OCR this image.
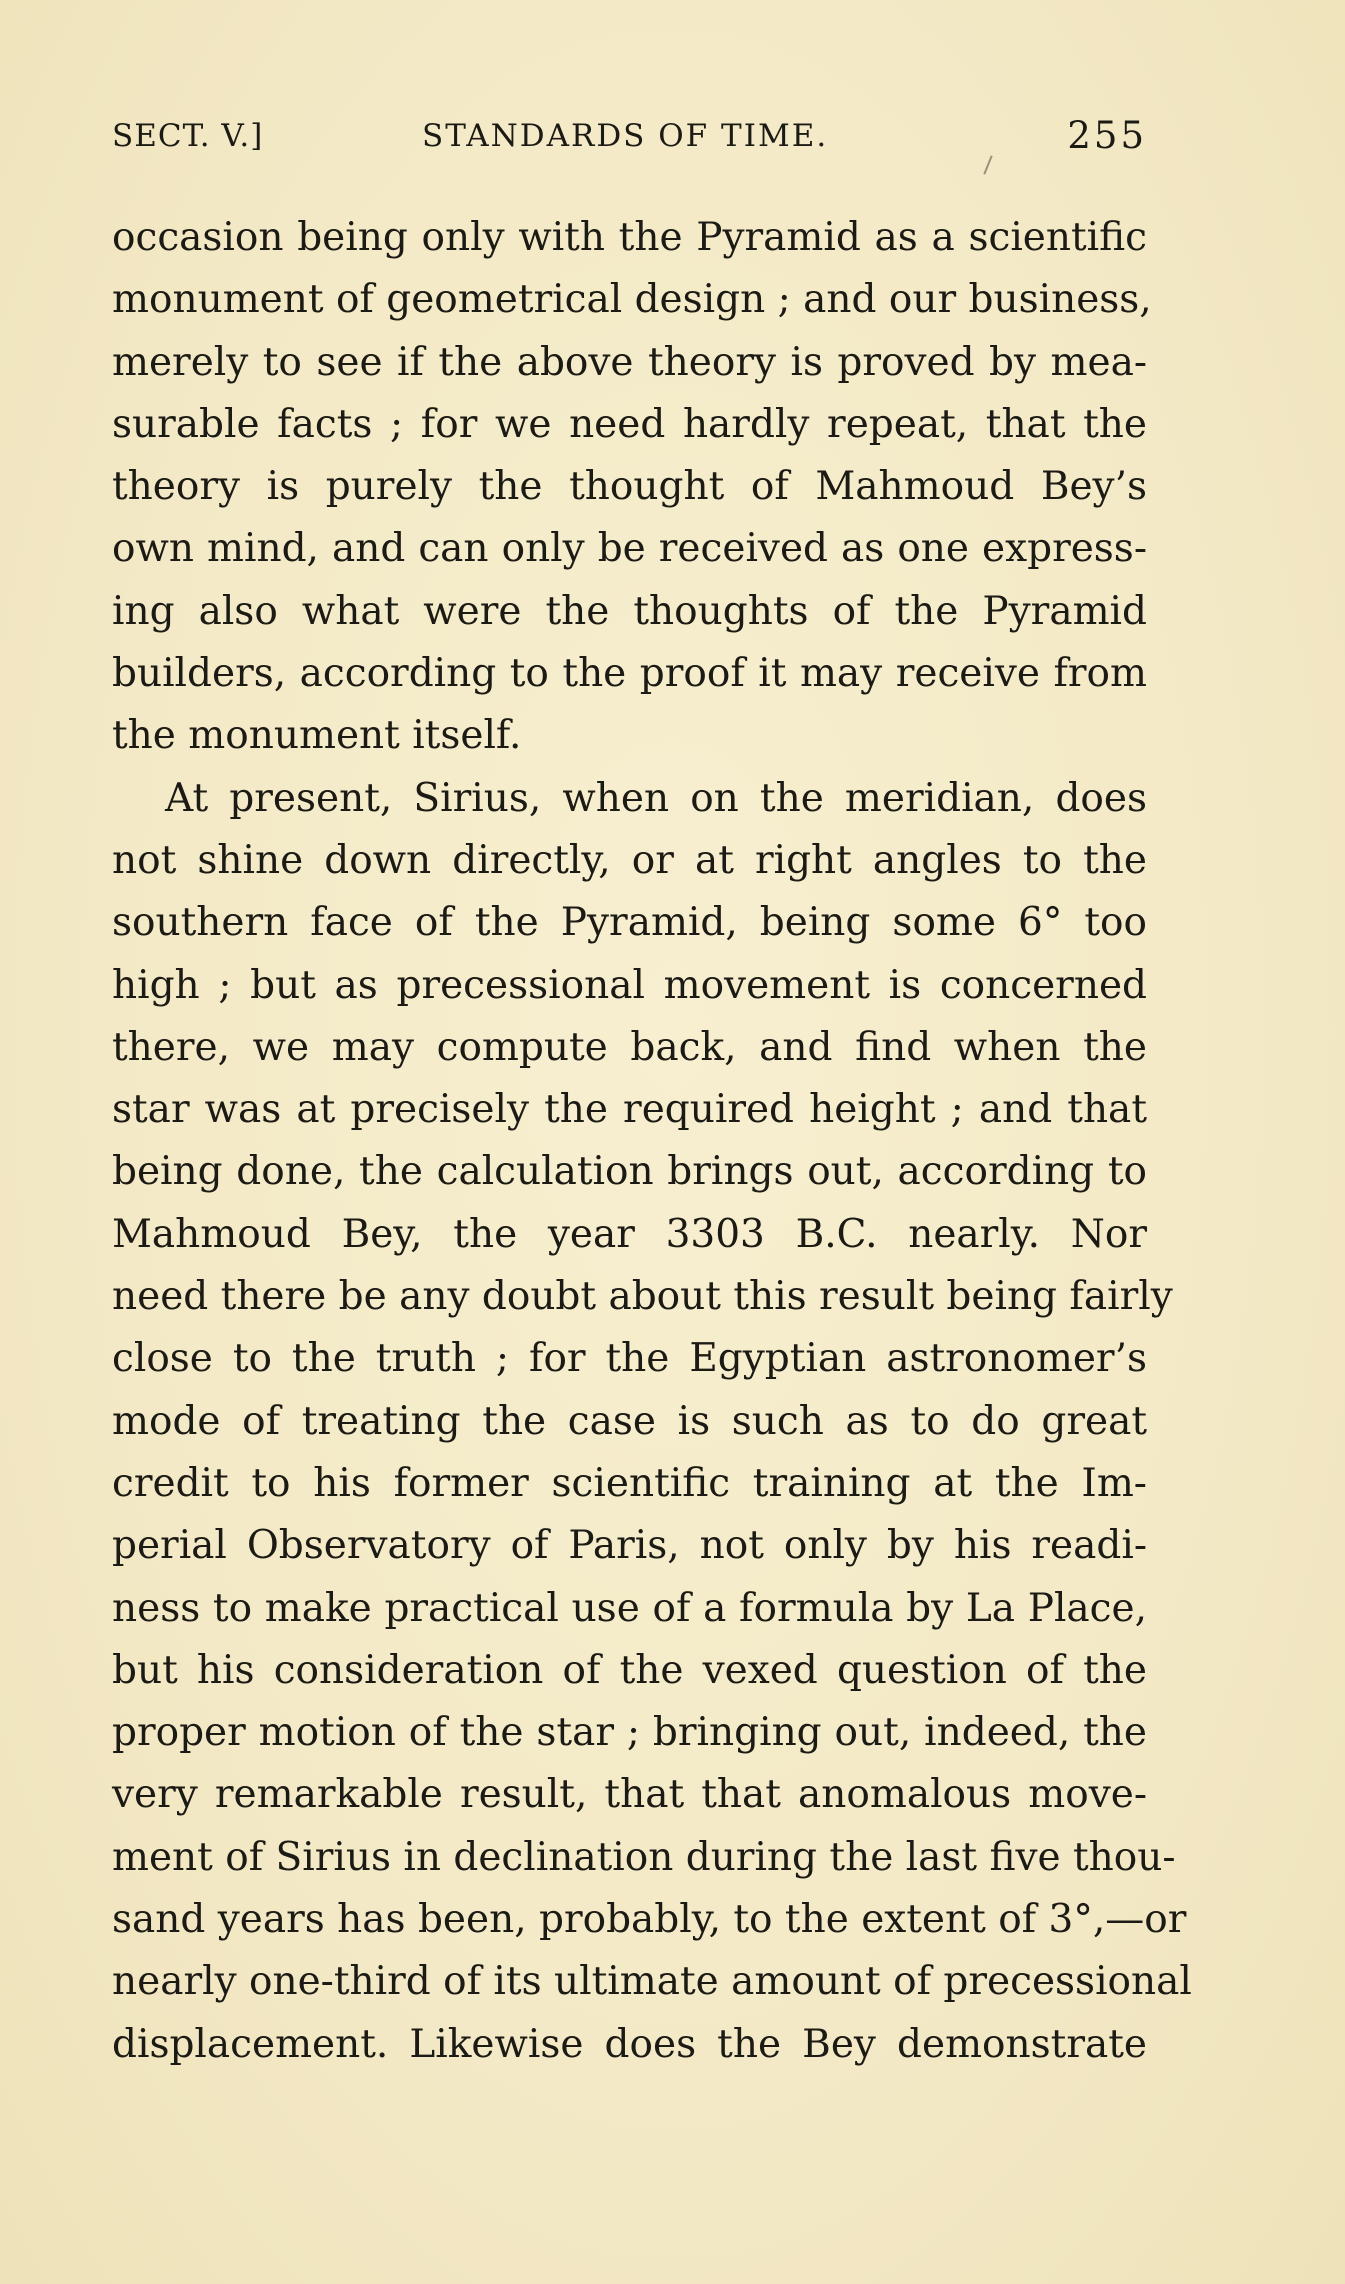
SECT. V.]	STANDARDS OF TIME.	255
occasion being only with the Pyramid as a scientific
monument of geometrical design ; and our business,
merely to see if the above theory is proved by mea-
surable facts ; for we need hardly repeat, that the
theory is purely the thought of Mahmoud Bey’s
own mind, and can only be received as one express-
ing also what were the thoughts of the Pyramid
builders, according to the proof it may receive from
the monument itself.
At present, Sirius, when on the meridian, does
not shine down directly, or at right angles to the
southern face of the Pyramid, being some 6° too
high ; but as precessional movement is concerned
there, we may compute back, and find when the
star was at precisely the required height ; and that
being done, the calculation brings out, according to
Mahmoud Bey, the year 3303 B.C. nearly. Nor
need there be any doubt about this result being fairly
close to the truth ; for the Egyptian astronomer’s
mode of treating the case is such as to do great
credit to his former scientific training at the Im-
perial Observatory of Paris, not only by his readi-
ness to make practical use of a formula by La Place,
but his consideration of the vexed question of the
proper motion of the star ; bringing out, indeed, the
very remarkable result, that that anomalous move-
ment of Sirius in declination during the last five thou-
sand years has been, probably, to the extent of 3°,—or
nearly one-third of its ultimate amount of precessional
displacement. Likewise does the Bey demonstrate
